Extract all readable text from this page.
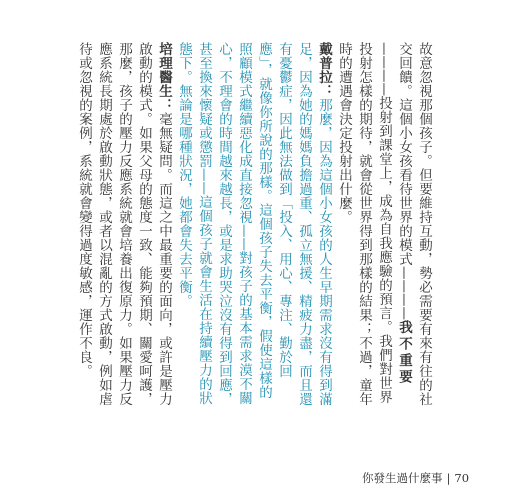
故意忽視那個孩子。但要維持互動，勢必需要有來有往的社交回饋。這個小女孩看待世界的模式————我不重要————投射到課堂上，成為自我應驗的預言。我們對世界投射怎樣的期待，就會從世界得到那樣的結果；不過，童年時的遭遇會決定投射出什麼。

戴普拉：那麼，因為這個小女孩的人生早期需求沒有得到滿足，因為她的媽媽負擔過重、孤立無援、精疲力盡，而且還有憂鬱症，因此無法做到「投入、用心、專注、勤於回應」，就像你所說的那樣。這個孩子失去平衡，假使這樣的照顧模式繼續惡化成直接忽視——對孩子的基本需求漠不關心，不理會的時間越來越長，或是求助哭泣沒有得到回應，甚至換來懷疑或懲罰——這個孩子就會生活在持續壓力的狀態下。無論是哪種狀況，她都會失去平衡。

培理醫生：毫無疑問。而這之中最重要的面向，或許是壓力啟動的模式。如果父母的態度一致、能夠預期、關愛呵護，那麼，孩子的壓力反應系統就會培養出復原力。如果壓力反應系統長期處於啟動狀態，或者以混亂的方式啟動，例如虐待或忽視的案例，系統就會變得過度敏感，運作不良。

你發生過什麼事 | 70
